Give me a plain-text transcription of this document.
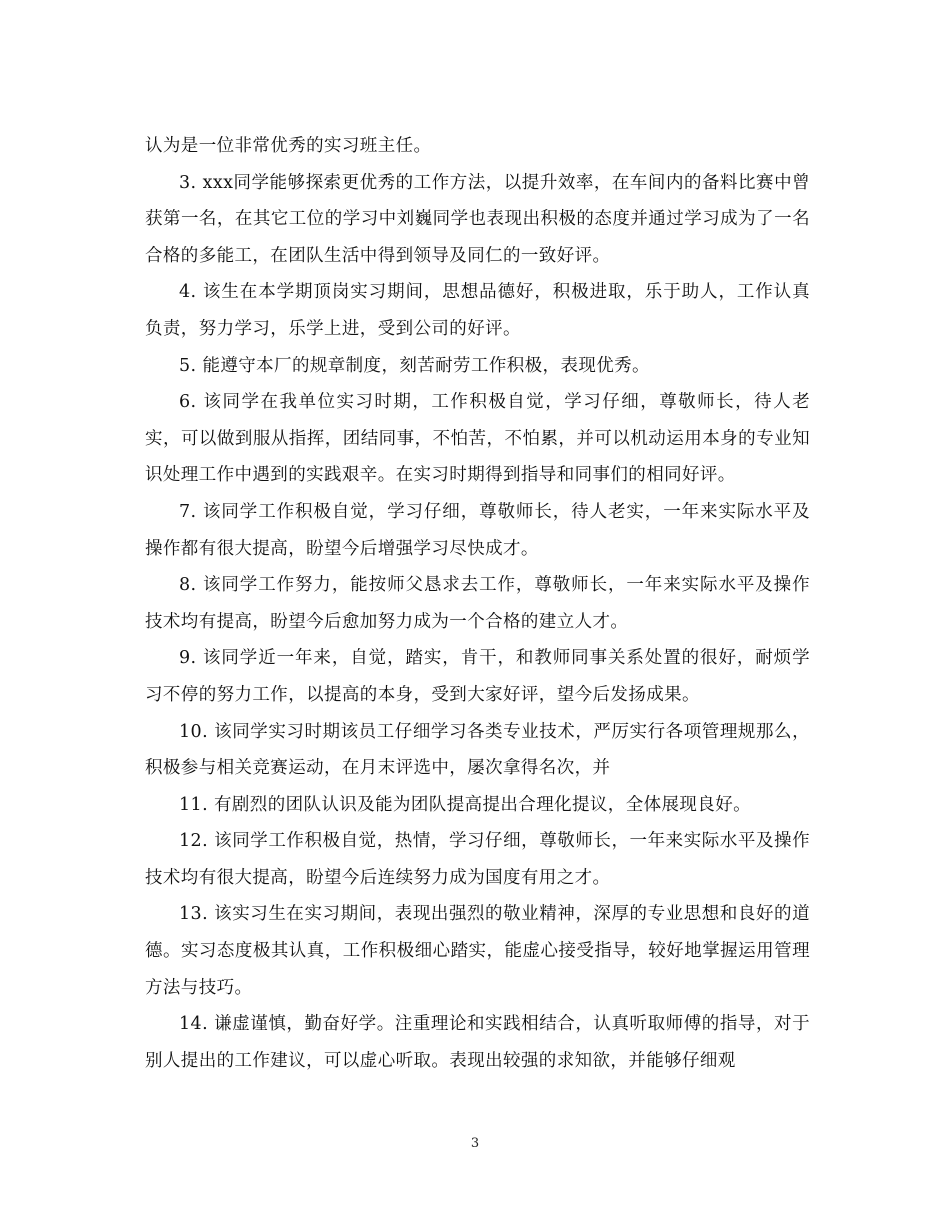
认为是一位非常优秀的实习班主任。

3. xxx同学能够探索更优秀的工作方法，以提升效率，在车间内的备料比赛中曾获第一名，在其它工位的学习中刘巍同学也表现出积极的态度并通过学习成为了一名合格的多能工，在团队生活中得到领导及同仁的一致好评。

4. 该生在本学期顶岗实习期间，思想品德好，积极进取，乐于助人，工作认真负责，努力学习，乐学上进，受到公司的好评。

5. 能遵守本厂的规章制度，刻苦耐劳工作积极，表现优秀。

6. 该同学在我单位实习时期，工作积极自觉，学习仔细，尊敬师长，待人老实，可以做到服从指挥，团结同事，不怕苦，不怕累，并可以机动运用本身的专业知识处理工作中遇到的实践艰辛。在实习时期得到指导和同事们的相同好评。

7. 该同学工作积极自觉，学习仔细，尊敬师长，待人老实，一年来实际水平及操作都有很大提高，盼望今后增强学习尽快成才。

8. 该同学工作努力，能按师父恳求去工作，尊敬师长，一年来实际水平及操作技术均有提高，盼望今后愈加努力成为一个合格的建立人才。

9. 该同学近一年来，自觉，踏实，肯干，和教师同事关系处置的很好，耐烦学习不停的努力工作，以提高的本身，受到大家好评，望今后发扬成果。

10. 该同学实习时期该员工仔细学习各类专业技术，严厉实行各项管理规那么，积极参与相关竞赛运动，在月末评选中，屡次拿得名次，并

11. 有剧烈的团队认识及能为团队提高提出合理化提议，全体展现良好。

12. 该同学工作积极自觉，热情，学习仔细，尊敬师长，一年来实际水平及操作技术均有很大提高，盼望今后连续努力成为国度有用之才。

13. 该实习生在实习期间，表现出强烈的敬业精神，深厚的专业思想和良好的道德。实习态度极其认真，工作积极细心踏实，能虚心接受指导，较好地掌握运用管理方法与技巧。

14. 谦虚谨慎，勤奋好学。注重理论和实践相结合，认真听取师傅的指导，对于别人提出的工作建议，可以虚心听取。表现出较强的求知欲，并能够仔细观

3
